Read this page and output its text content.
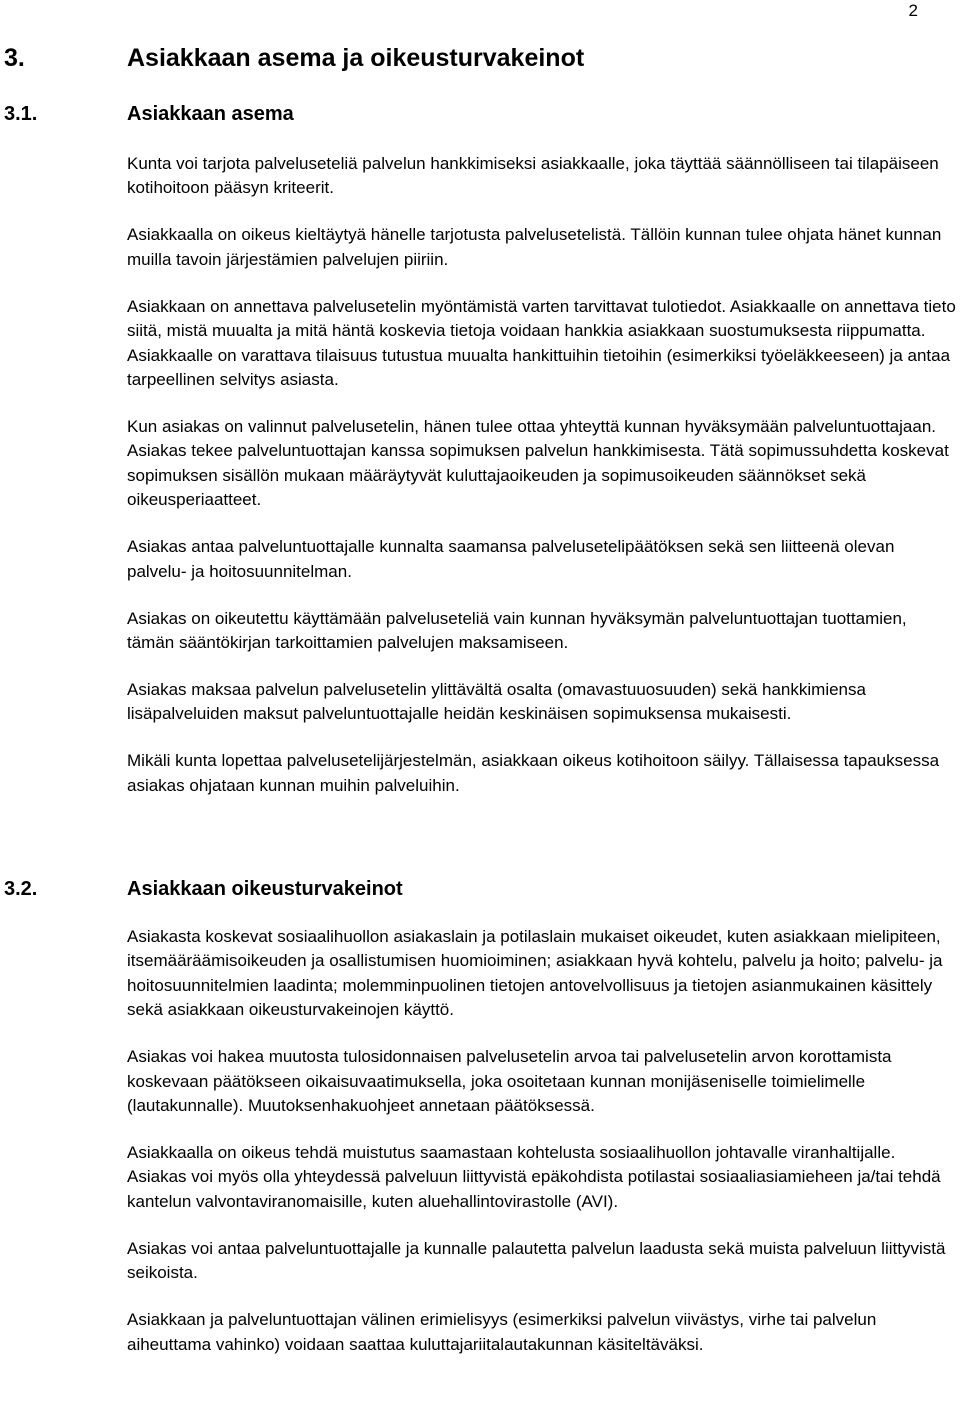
2
3.	Asiakkaan asema ja oikeusturvakeinot
3.1.	Asiakkaan asema

Kunta voi tarjota palveluseteliä palvelun hankkimiseksi asiakkaalle, joka täyttää säännölliseen tai tilapäiseen kotihoitoon pääsyn kriteerit.

Asiakkaalla on oikeus kieltäytyä hänelle tarjotusta palvelusetelistä. Tällöin kunnan tulee ohjata hänet kunnan muilla tavoin järjestämien palvelujen piiriin.

Asiakkaan on annettava palvelusetelin myöntämistä varten tarvittavat tulotiedot. Asiakkaalle on annettava tieto siitä, mistä muualta ja mitä häntä koskevia tietoja voidaan hankkia asiakkaan suostumuksesta riippumatta. Asiakkaalle on varattava tilaisuus tutustua muualta hankittuihin tietoihin (esimerkiksi työeläkkeeseen) ja antaa tarpeellinen selvitys asiasta.

Kun asiakas on valinnut palvelusetelin, hänen tulee ottaa yhteyttä kunnan hyväksymään palveluntuottajaan. Asiakas tekee palveluntuottajan kanssa sopimuksen palvelun hankkimisesta. Tätä sopimussuhdetta koskevat sopimuksen sisällön mukaan määräytyvät kuluttajaoikeuden ja sopimusoikeuden säännökset sekä oikeusperiaatteet.

Asiakas antaa palveluntuottajalle kunnalta saamansa palvelusetelipäätöksen sekä sen liitteenä olevan palvelu- ja hoitosuunnitelman.

Asiakas on oikeutettu käyttämään palveluseteliä vain kunnan hyväksymän palveluntuottajan tuottamien, tämän sääntökirjan tarkoittamien palvelujen maksamiseen.

Asiakas maksaa palvelun palvelusetelin ylittävältä osalta (omavastuuosuuden) sekä hankkimiensa lisäpalveluiden maksut palveluntuottajalle heidän keskinäisen sopimuksensa mukaisesti.

Mikäli kunta lopettaa palvelusetelijärjestelmän, asiakkaan oikeus kotihoitoon säilyy. Tällaisessa tapauksessa asiakas ohjataan kunnan muihin palveluihin.

3.2.	Asiakkaan oikeusturvakeinot

Asiakasta koskevat sosiaalihuollon asiakaslain ja potilaslain mukaiset oikeudet, kuten asiakkaan mielipiteen, itsemääräämisoikeuden ja osallistumisen huomioiminen; asiakkaan hyvä kohtelu, palvelu ja hoito; palvelu- ja hoitosuunnitelmien laadinta; molemminpuolinen tietojen antovelvollisuus ja tietojen asianmukainen käsittely sekä asiakkaan oikeusturvakeinojen käyttö.

Asiakas voi hakea muutosta tulosidonnaisen palvelusetelin arvoa tai palvelusetelin arvon korottamista koskevaan päätökseen oikaisuvaatimuksella, joka osoitetaan kunnan monijäseniselle toimielimelle (lautakunnalle). Muutoksenhakuohjeet annetaan päätöksessä.

Asiakkaalla on oikeus tehdä muistutus saamastaan kohtelusta sosiaalihuollon johtavalle viranhaltijalle. Asiakas voi myös olla yhteydessä palveluun liittyvistä epäkohdista potilastai sosiaaliasiamieheen ja/tai tehdä kantelun valvontaviranomaisille, kuten aluehallintovirastolle (AVI).

Asiakas voi antaa palveluntuottajalle ja kunnalle palautetta palvelun laadusta sekä muista palveluun liittyvistä seikoista.

Asiakkaan ja palveluntuottajan välinen erimielisyys (esimerkiksi palvelun viivästys, virhe tai palvelun aiheuttama vahinko) voidaan saattaa kuluttajariitalautakunnan käsiteltäväksi.
